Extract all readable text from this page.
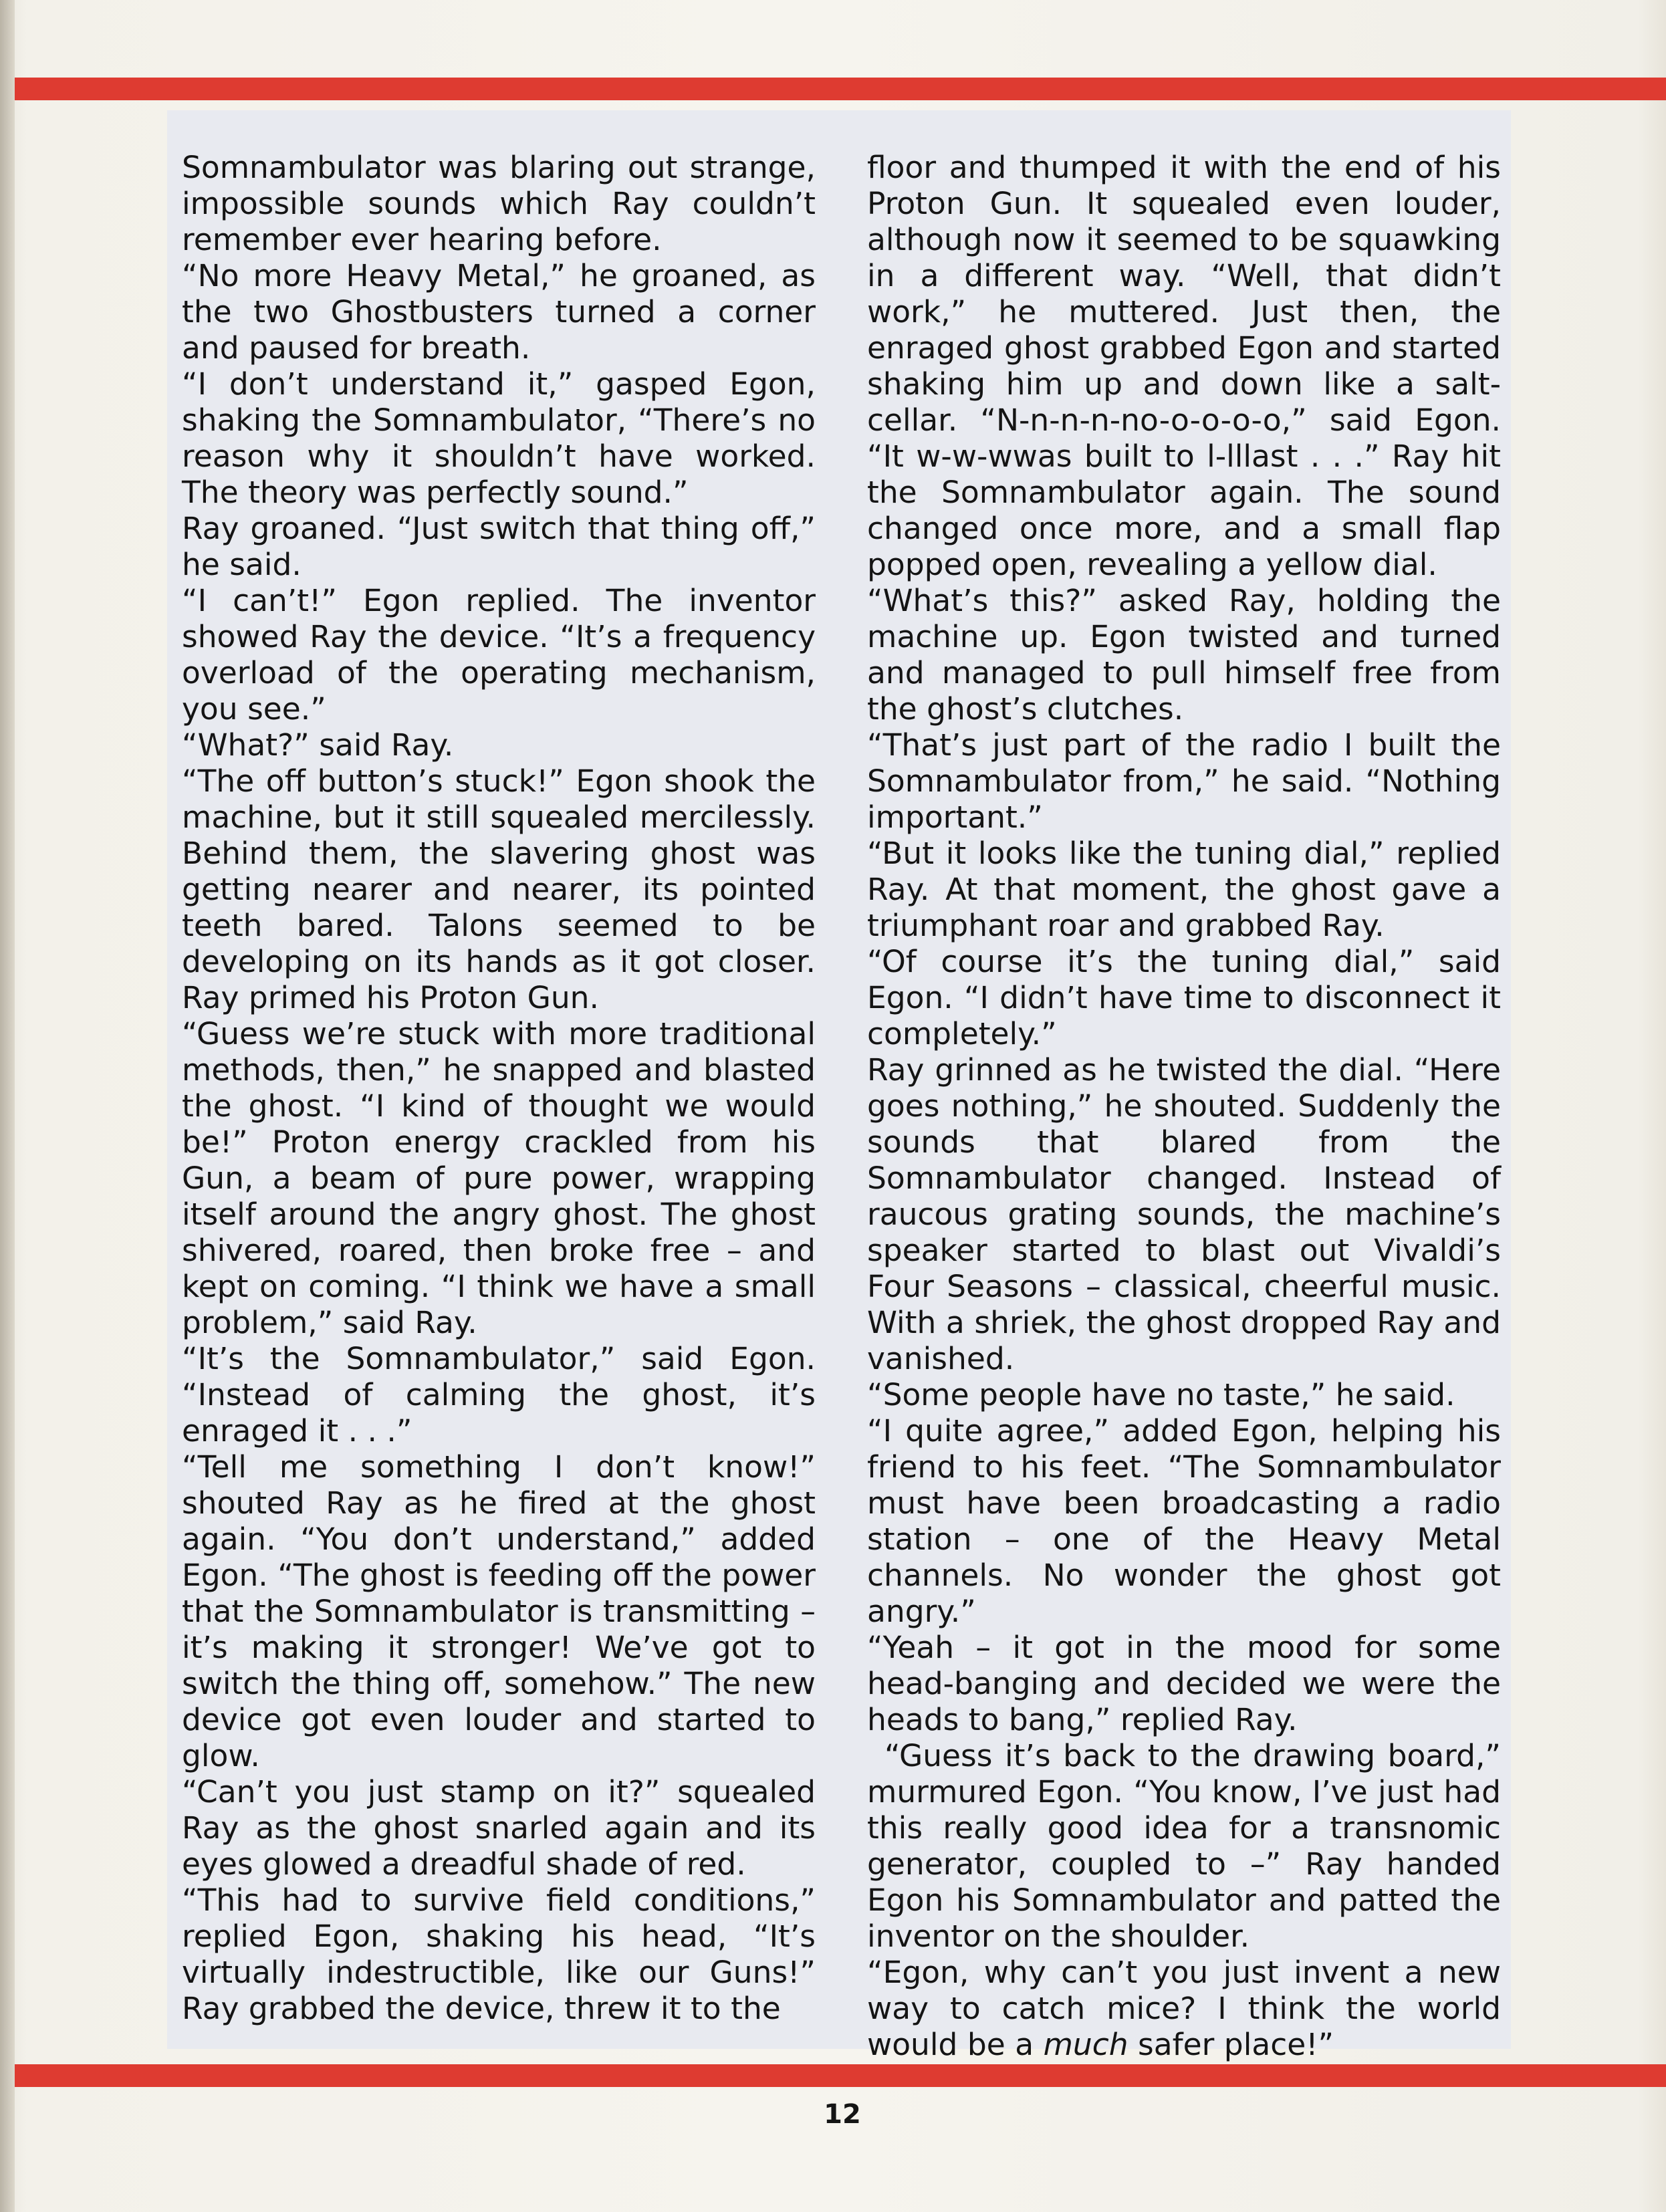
Somnambulator was blaring out strange, impossible sounds which Ray couldn’t remember ever hearing before.

“No more Heavy Metal,” he groaned, as the two Ghostbusters turned a corner and paused for breath.

“I don’t understand it,” gasped Egon, shaking the Somnambulator, “There’s no reason why it shouldn’t have worked. The theory was perfectly sound.”

Ray groaned. “Just switch that thing off,” he said.

“I can’t!” Egon replied. The inventor showed Ray the device. “It’s a frequency overload of the operating mechanism, you see.”

“What?” said Ray.

“The off button’s stuck!” Egon shook the machine, but it still squealed mercilessly. Behind them, the slavering ghost was getting nearer and nearer, its pointed teeth bared. Talons seemed to be developing on its hands as it got closer. Ray primed his Proton Gun.

“Guess we’re stuck with more traditional methods, then,” he snapped and blasted the ghost. “I kind of thought we would be!” Proton energy crackled from his Gun, a beam of pure power, wrapping itself around the angry ghost. The ghost shivered, roared, then broke free – and kept on coming. “I think we have a small problem,” said Ray.

“It’s the Somnambulator,” said Egon. “Instead of calming the ghost, it’s enraged it . . .”

“Tell me something I don’t know!” shouted Ray as he fired at the ghost again. “You don’t understand,” added Egon. “The ghost is feeding off the power that the Somnambulator is transmitting – it’s making it stronger! We’ve got to switch the thing off, somehow.” The new device got even louder and started to glow.

“Can’t you just stamp on it?” squealed Ray as the ghost snarled again and its eyes glowed a dreadful shade of red.

“This had to survive field conditions,” replied Egon, shaking his head, “It’s virtually indestructible, like our Guns!” Ray grabbed the device, threw it to the

floor and thumped it with the end of his Proton Gun. It squealed even louder, although now it seemed to be squawking in a different way. “Well, that didn’t work,” he muttered. Just then, the enraged ghost grabbed Egon and started shaking him up and down like a salt-cellar. “N-n-n-n-no-o-o-o-o,” said Egon. “It w-w-wwas built to l-lllast . . .” Ray hit the Somnambulator again. The sound changed once more, and a small flap popped open, revealing a yellow dial.

“What’s this?” asked Ray, holding the machine up. Egon twisted and turned and managed to pull himself free from the ghost’s clutches.

“That’s just part of the radio I built the Somnambulator from,” he said. “Nothing important.”

“But it looks like the tuning dial,” replied Ray. At that moment, the ghost gave a triumphant roar and grabbed Ray.

“Of course it’s the tuning dial,” said Egon. “I didn’t have time to disconnect it completely.”

Ray grinned as he twisted the dial. “Here goes nothing,” he shouted. Suddenly the sounds that blared from the Somnambulator changed. Instead of raucous grating sounds, the machine’s speaker started to blast out Vivaldi’s Four Seasons – classical, cheerful music. With a shriek, the ghost dropped Ray and vanished.

“Some people have no taste,” he said.

“I quite agree,” added Egon, helping his friend to his feet. “The Somnambulator must have been broadcasting a radio station – one of the Heavy Metal channels. No wonder the ghost got angry.”

“Yeah – it got in the mood for some head-banging and decided we were the heads to bang,” replied Ray.

“Guess it’s back to the drawing board,” murmured Egon. “You know, I’ve just had this really good idea for a transnomic generator, coupled to –” Ray handed Egon his Somnambulator and patted the inventor on the shoulder.

“Egon, why can’t you just invent a new way to catch mice? I think the world would be a much safer place!”

12
